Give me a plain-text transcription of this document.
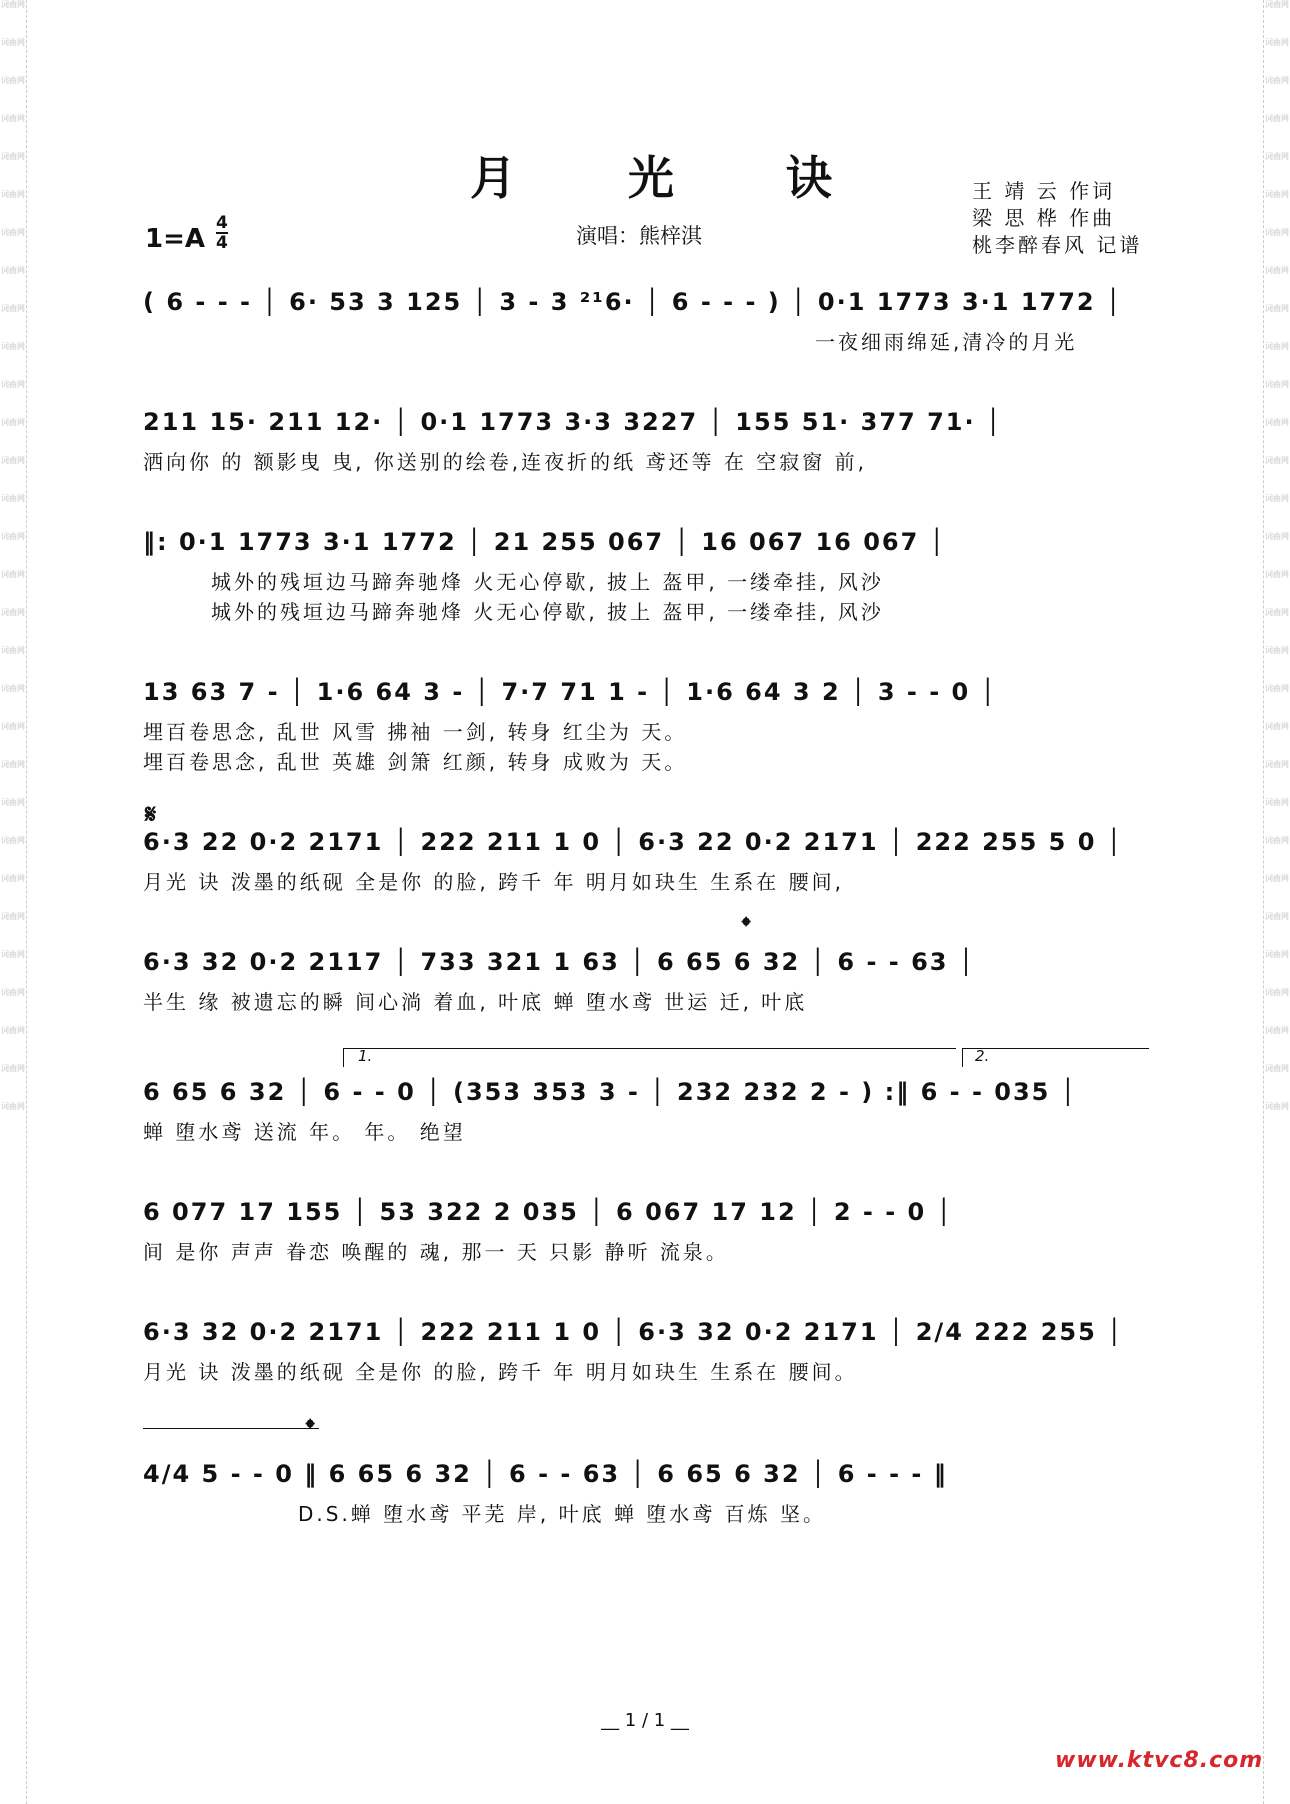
词曲网
词曲网
词曲网
词曲网
词曲网
词曲网
词曲网
词曲网
词曲网
词曲网
词曲网
词曲网
词曲网
词曲网
词曲网
词曲网
词曲网
词曲网
词曲网
词曲网
词曲网
词曲网
词曲网
词曲网
词曲网
词曲网
词曲网
词曲网
词曲网
词曲网
词曲网
词曲网
词曲网
词曲网
词曲网
词曲网
词曲网
词曲网
词曲网
词曲网
词曲网
词曲网
词曲网
词曲网
词曲网
词曲网
词曲网
词曲网
词曲网
词曲网
词曲网
词曲网
词曲网
词曲网
词曲网
词曲网
词曲网
词曲网
词曲网
词曲网
月 光 诀
1=A
4
4	演唱：熊梓淇
王 靖 云 作词
梁 思 桦 作曲
桃李醉春风 记谱
( 6 - - - │ 6· 53 3 125 │ 3 - 3 ²¹6· │ 6 - - - ) │ 0·1 1773 3·1 1772 │
一夜细雨绵延,清冷的月光
211 15· 211 12· │ 0·1 1773 3·3 3227 │ 155 51· 377 71· │
洒向你 的 额影曳 曳, 你送别的绘卷,连夜折的纸 鸢还等 在 空寂窗 前,
‖: 0·1 1773 3·1 1772 │ 21 255 067 │ 16 067 16 067 │
城外的残垣边马蹄奔驰烽 火无心停歇, 披上 盔甲, 一缕牵挂, 风沙
城外的残垣边马蹄奔驰烽 火无心停歇, 披上 盔甲, 一缕牵挂, 风沙
13 63 7 - │ 1·6 64 3 - │ 7·7 71 1 - │ 1·6 64 3 2 │ 3 - - 0 │
埋百卷思念, 乱世 风雪 拂袖 一剑, 转身 红尘为 天。
埋百卷思念, 乱世 英雄 剑箫 红颜, 转身 成败为 天。
𝄋
6·3 22 0·2 2171 │ 222 211 1 0 │ 6·3 22 0·2 2171 │ 222 255 5 0 │
月光 诀 泼墨的纸砚 全是你 的脸, 跨千 年 明月如玦生 生系在 腰间,
𝄌
6·3 32 0·2 2117 │ 733 321 1 63 │ 6 65 6 32 │ 6 - - 63 │
半生 缘 被遗忘的瞬 间心淌 着血, 叶底 蝉 堕水鸢 世运 迁, 叶底
1.	2.
6 65 6 32 │ 6 - - 0 │ (353 353 3 - │ 232 232 2 - ) :‖ 6 - - 035 │
蝉 堕水鸢 送流 年。 年。 绝望
6 077 17 155 │ 53 322 2 035 │ 6 067 17 12 │ 2 - - 0 │
间 是你 声声 眷恋 唤醒的 魂, 那一 天 只影 静听 流泉。
6·3 32 0·2 2171 │ 222 211 1 0 │ 6·3 32 0·2 2171 │ 2/4 222 255 │
月光 诀 泼墨的纸砚 全是你 的脸, 跨千 年 明月如玦生 生系在 腰间。
𝄌
4/4 5 - - 0 ‖ 6 65 6 32 │ 6 - - 63 │ 6 65 6 32 │ 6 - - - ‖
D.S.蝉 堕水鸢 平芜 岸, 叶底 蝉 堕水鸢 百炼 坚。
__ 1 / 1 __
www.ktvc8.com
